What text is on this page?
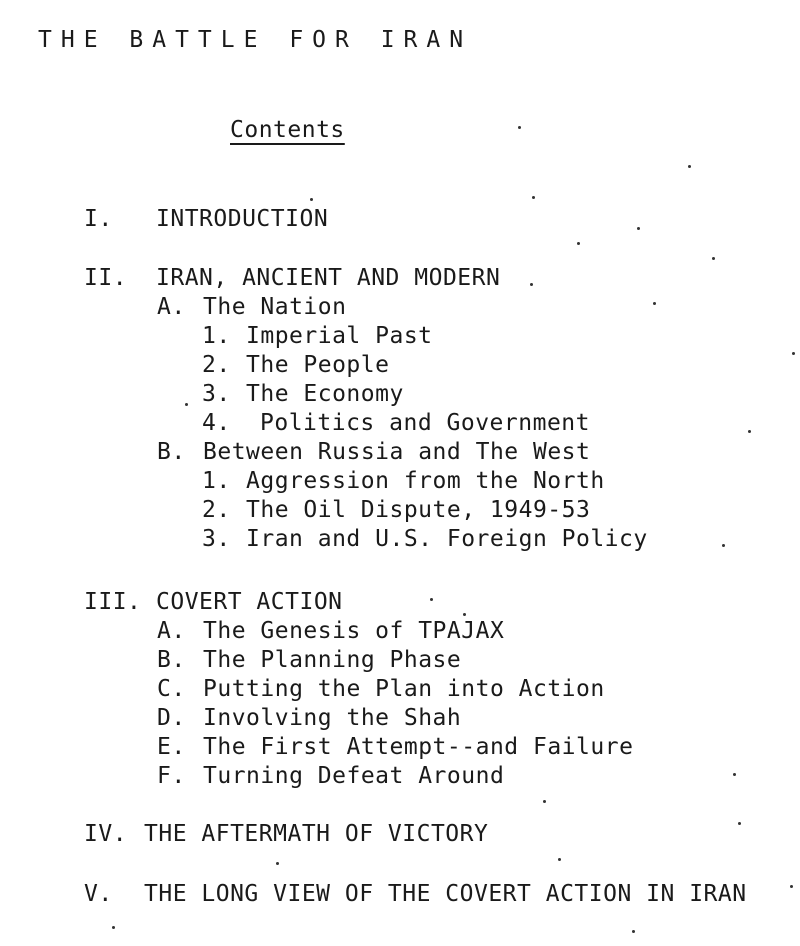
THE BATTLE FOR IRAN
Contents
I. INTRODUCTION
II. IRAN, ANCIENT AND MODERN
A. The Nation
1. Imperial Past
2. The People
3. The Economy
4. Politics and Government
B. Between Russia and The West
1. Aggression from the North
2. The Oil Dispute, 1949-53
3. Iran and U.S. Foreign Policy
III. COVERT ACTION
A. The Genesis of TPAJAX
B. The Planning Phase
C. Putting the Plan into Action
D. Involving the Shah
E. The First Attempt--and Failure
F. Turning Defeat Around
IV. THE AFTERMATH OF VICTORY
V. THE LONG VIEW OF THE COVERT ACTION IN IRAN
